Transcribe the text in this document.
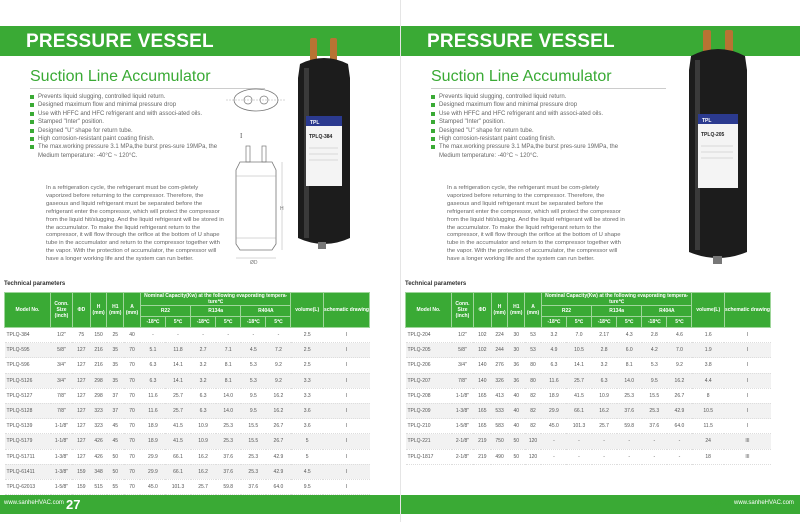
PRESSURE VESSEL
Suction Line Accumulator
Prevents liquid slugging, controlled liquid return.
Designed maximum flow and minimal pressure drop
Use with HFFC and HFC refrigerant and with associ-ated oils.
Stamped "Inter" position.
Designed "U" shape for return tube.
High corrosion-resistant paint coating finish.
The max.working pressure 3.1 MPa,the burst pres-sure 19MPa, the Medium temperature: -40°C ~ 120°C.

In a refrigeration cycle, the refrigerant must be com-pletely vaporized before returning to the compressor. Therefore, the gaseous and liquid refrigerant must be separated before the refrigerant enter the compressor, which will protect the compressor from the liquid hit/slugging. And the liquid refrigerant will be stored in the accumulator. To make the liquid refrigerant return to the compressor, it will flow through the orifice at the bottom of U shape tube in the accumulator and return to the compressor together with the vapor. With the protection of accumulator, the compressor will have a longer working life and the system can run better.

I
H
ØD
TPL
TPLQ-384
Technical parameters
Model No.	Conn. Size (inch)	ΦD	H (mm)	H1 (mm)	A (mm)	Nominal Capacity(Kw) at the following evaporating tempera-ture℃						volume(L)	schematic drawing
						R22		R134a		R404A			
						-18℃	5℃	-18℃	5℃	-18℃	5℃		
TPLQ-384	1/2"	75	150	25	40	-	-	-	-	-	-	2.5	I
TPLQ-595	5/8"	127	216	35	70	5.1	11.8	2.7	7.1	4.5	7.2	2.5	I
TPLQ-596	3/4"	127	216	35	70	6.3	14.1	3.2	8.1	5.3	9.2	2.5	I
TPLQ-5126	3/4"	127	298	35	70	6.3	14.1	3.2	8.1	5.3	9.2	3.3	I
TPLQ-5127	7/8"	127	298	37	70	11.6	25.7	6.3	14.0	9.5	16.2	3.3	I
TPLQ-5128	7/8"	127	323	37	70	11.6	25.7	6.3	14.0	9.5	16.2	3.6	I
TPLQ-5139	1-1/8"	127	323	45	70	18.9	41.5	10.9	25.3	15.5	26.7	3.6	I
TPLQ-5179	1-1/8"	127	426	45	70	18.9	41.5	10.9	25.3	15.5	26.7	5	I
TPLQ-51711	1-3/8"	127	426	50	70	29.9	66.1	16.2	37.6	25.3	42.9	5	I
TPLQ-61411	1-3/8"	159	348	50	70	29.9	66.1	16.2	37.6	25.3	42.9	4.5	I
TPLQ-62013	1-5/8"	159	515	55	70	45.0	101.3	25.7	59.8	37.6	64.0	9.5	I
www.sanheHVAC.com 27
PRESSURE VESSEL
Suction Line Accumulator
Prevents liquid slugging, controlled liquid return.
Designed maximum flow and minimal pressure drop
Use with HFFC and HFC refrigerant and with associ-ated oils.
Stamped "Inter" position.
Designed "U" shape for return tube.
High corrosion-resistant paint coating finish.
The max.working pressure 3.1 MPa,the burst pres-sure 19MPa, the Medium temperature: -40°C ~ 120°C.

In a refrigeration cycle, the refrigerant must be com-pletely vaporized before returning to the compressor. Therefore, the gaseous and liquid refrigerant must be separated before the refrigerant enter the compressor, which will protect the compressor from the liquid hit/slugging. And the liquid refrigerant will be stored in the accumulator. To make the liquid refrigerant return to the compressor, it will flow through the orifice at the bottom of U shape tube in the accumulator and return to the compressor together with the vapor. With the protection of accumulator, the compressor will have a longer working life and the system can run better.

TPL
TPLQ-205
Technical parameters
Model No.	Conn. Size (inch)	ΦD	H (mm)	H1 (mm)	A (mm)	Nominal Capacity(Kw) at the following evaporating tempera-ture℃						volume(L)	schematic drawing
						R22		R134a		R404A			
						-18℃	5℃	-18℃	5℃	-18℃	5℃		
TPLQ-204	1/2"	102	224	30	53	3.2	7.0	2.17	4.3	2.8	4.6	1.6	I
TPLQ-205	5/8"	102	244	30	53	4.9	10.5	2.8	6.0	4.2	7.0	1.9	I
TPLQ-206	3/4"	140	276	36	80	6.3	14.1	3.2	8.1	5.3	9.2	3.8	I
TPLQ-207	7/8"	140	326	36	80	11.6	25.7	6.3	14.0	9.5	16.2	4.4	I
TPLQ-208	1-1/8"	165	413	40	82	18.9	41.5	10.9	25.3	15.5	26.7	8	I
TPLQ-209	1-3/8"	165	533	40	82	29.9	66.1	16.2	37.6	25.3	42.9	10.5	I
TPLQ-210	1-5/8"	165	583	40	82	45.0	101.3	25.7	59.8	37.6	64.0	11.5	I
TPLQ-221	2-1/8"	219	750	50	120	-	-	-	-	-	-	24	III
TPLQ-1817	2-1/8"	219	490	50	120	-	-	-	-	-	-	18	III
28 www.sanheHVAC.com
